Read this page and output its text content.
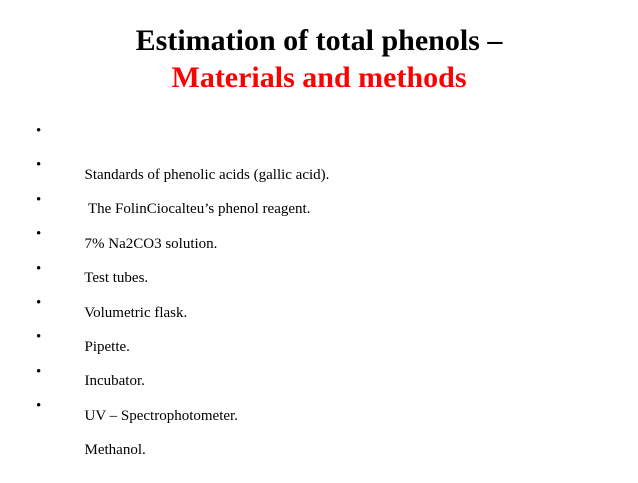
Estimation of total phenols –
Materials and methods

•

Standards of phenolic acids (gallic acid).

•

The FolinCiocalteu’s phenol reagent.

•

7% Na2CO3 solution.

•

Test tubes.

•

Volumetric flask.

•

Pipette.

•

Incubator.

•

UV – Spectrophotometer.

•

Methanol.
